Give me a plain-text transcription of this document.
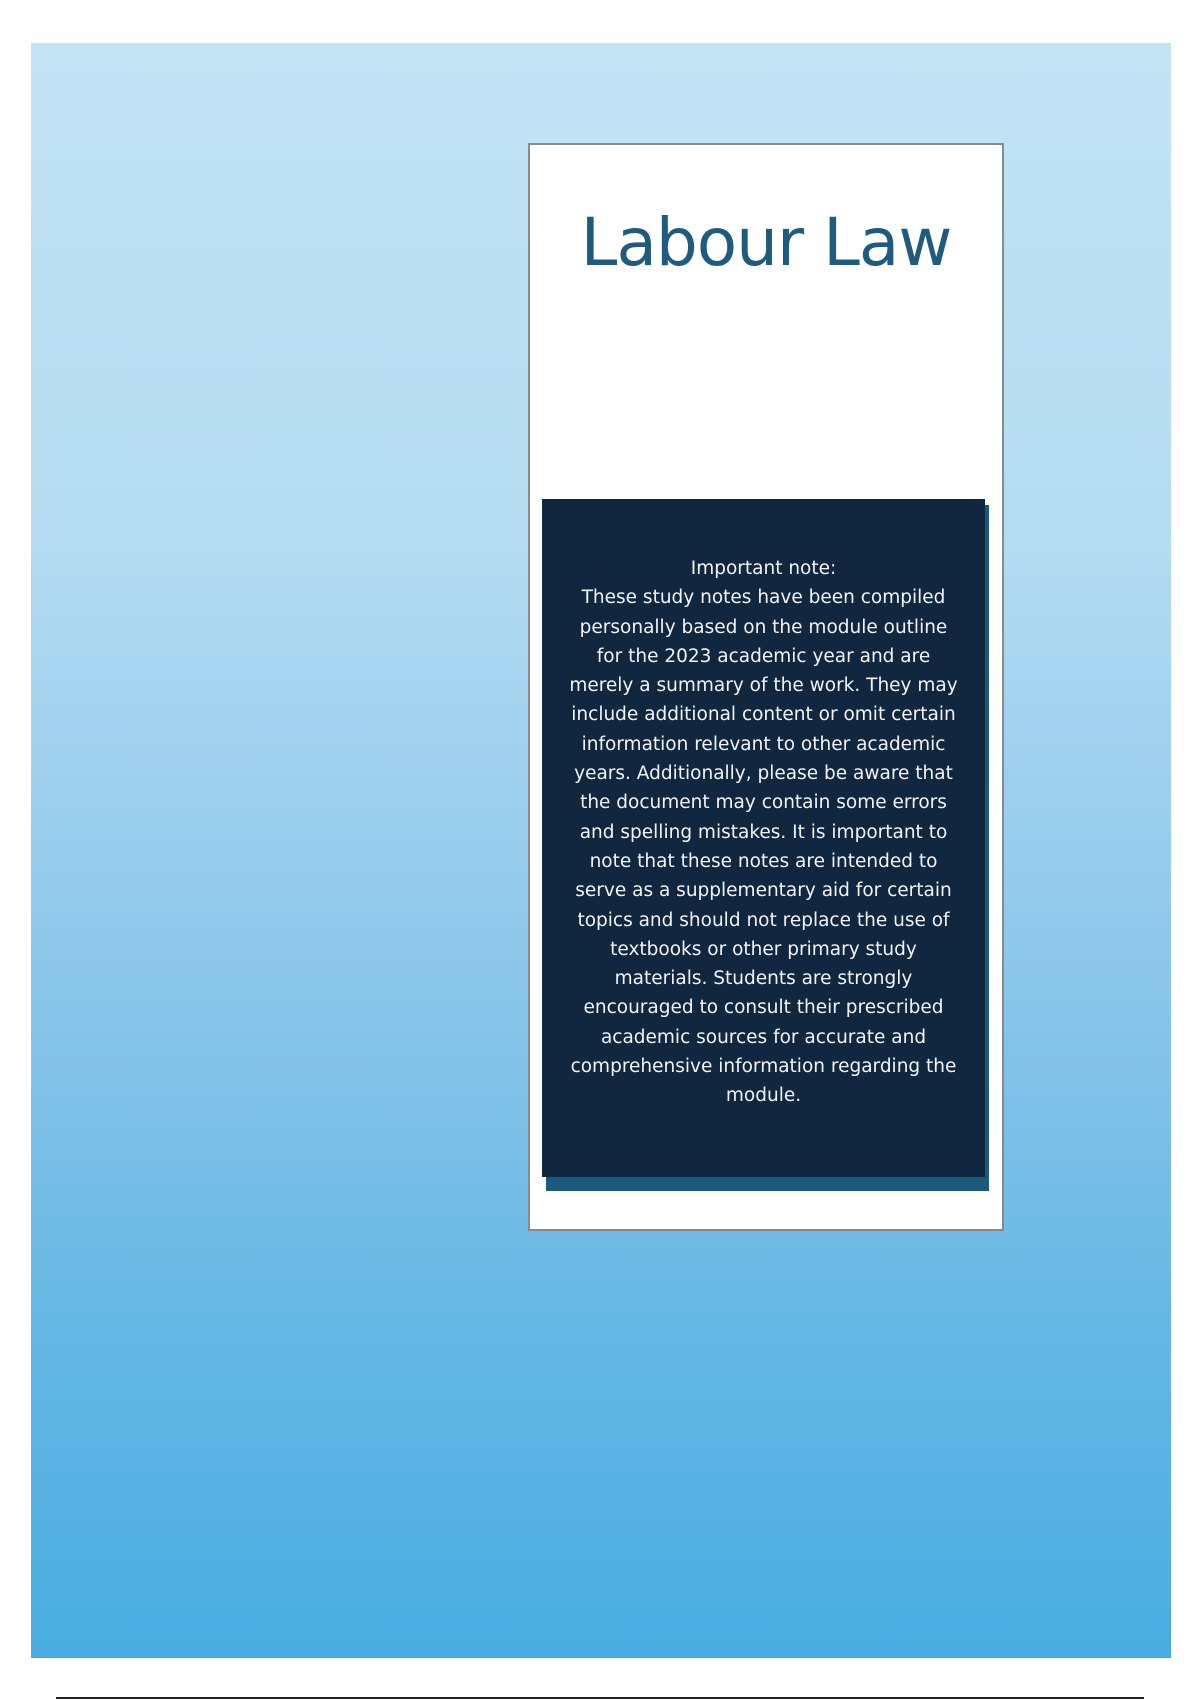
Labour Law
Important note:
These study notes have been compiled personally based on the module outline for the 2023 academic year and are merely a summary of the work. They may include additional content or omit certain information relevant to other academic years. Additionally, please be aware that the document may contain some errors and spelling mistakes. It is important to note that these notes are intended to serve as a supplementary aid for certain topics and should not replace the use of textbooks or other primary study materials. Students are strongly encouraged to consult their prescribed academic sources for accurate and comprehensive information regarding the module.
